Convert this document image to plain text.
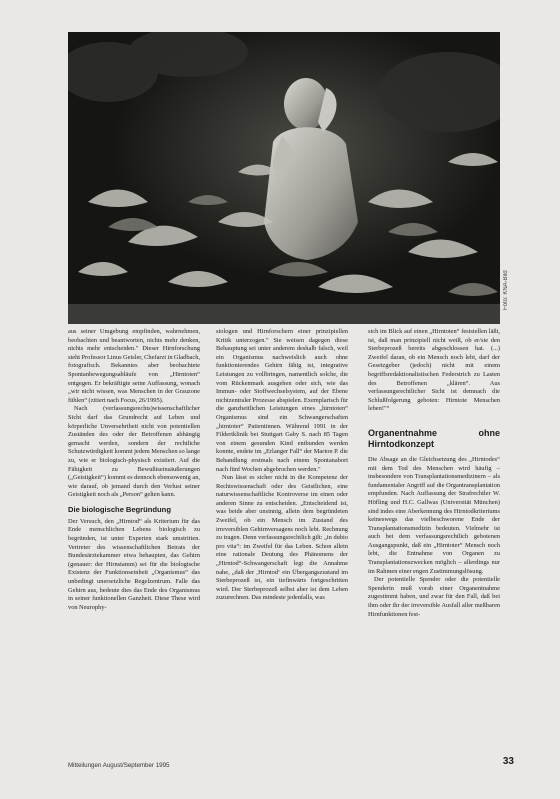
Foto: KNA-Bild

aus seiner Umgebung empfinden, wahrnehmen, beobachten und beantworten, nichts mehr denken, nichts mehr entscheiden." Dieser Hirnforschung steht Professor Linus Geisler, Chefarzt in Gladbach, fotografisch. Bekanntes aber beobachtete Spontanbewegungsabläufe von „Hirntoten“ entgegen. Er bekräftigte seine Auffassung, wonach „wir nicht wissen, was Menschen in der Grauzone fühlen“ (zitiert nach Focus, 26/1995).

Nach (verfassungsrechts)wissenschaftlicher Sicht darf das Grundrecht auf Leben und körperliche Unversehrtheit nicht von potentiellen Zuständen des oder der Betroffenen abhängig gemacht werden, sondern der rechtliche Schutzwürdigkeit kommt jedem Menschen so lange zu, wie er biologisch-physisch existiert. Auf die Fähigkeit zu Bewußtseinsäußerungen („Geistigkeit“) kommt es dennoch ebensowenig an, wie darauf, ob jemand durch den Verlust seiner Geistigkeit noch als „Person“ gelten kann.

Die biologische Begründung

Der Versuch, den „Hirntod“ als Kriterium für das Ende menschlichen Lebens biologisch zu begründen, ist unter Experten stark umstritten. Vertreter des wissenschaftlichen Beirats der Bundesärztekammer etwa behaupten, das Gehirn (genauer: der Hirnstamm) sei für die biologische Existenz der Funktionseinheit „Organismus“ das unbedingt unersetzliche Regelzentrum. Falle das Gehirn aus, bedeute dies das Ende des Organismus in seiner funktionellen Ganzheit. Diese These wird von Neurophy-

siologen und Hirnforschern einer prinzipiellen Kritik unterzogen." Sie weisen dagegen diese Behauptung sei unter anderem deshalb falsch, weil ein Organismus nachweislich auch ohne funktionierendes Gehirn fähig ist, integrative Leistungen zu vollbringen, namentlich solche, die vom Rückenmark ausgehen oder sich, wie das Immun- oder Stoffwechselsystem, auf der Ebene nichtzentraler Prozesse abspielen. Exemplarisch für die ganzheitlichen Leistungen eines „hirntoten“ Organismus sind ein Schwangerschaften „hirntoter“ Patientinnen. Während 1991 in der Fildertklinik bei Stuttgart Gaby S. nach 85 Tagen von einem gesunden Kind entbunden werden konnte, endete im „Erlanger Fall“ der Marion P. die Behandlung erstmals nach einem Spontanabort nach fünf Wochen abgebrochen werden."

Nun lässt es sicher nicht in die Kompetenz der Rechtswissenschaft oder des Geistlichen, eine naturwissenschaftliche Kontroverse im einen oder anderen Sinne zu entscheiden. „Entscheidend ist, was beide aber unsinnig, allein dem begründeten Zweifel, ob ein Mensch im Zustand des irreversiblen Gehirnversagens noch lebt. Rechnung zu tragen. Denn verfassungsrechtlich gilt: „in dubio pro vita“: im Zweifel für das Leben. Schon allein eine rationale Deutung des Phänomens der „Hirntod“-Schwangerschaft legt die Annahme nahe, „daß der ‚Hirntod‘ ein Übergangszustand im Sterbeprozeß ist, ein tiefinwärts fortgeschritten wird. Der Sterbeprozeß selbst aber ist dem Leben zuzurechnen. Das mindeste jedenfalls, was

sich im Blick auf einen „Hirntoten“ feststellen läßt, ist, daß man prinzipiell nicht weiß, ob er/sie den Sterbeprozeß bereits abgeschlossen hat. (...) Zweifel daran, ob ein Mensch noch lebt, darf der Gesetzgeber (jedoch) nicht mit einem begriffsredaktionalistischen Federstrich zu Lasten des Betroffenen „klären“. Aus verfassungsrechtlicher Sicht ist demnach die Schlußfolgerung geboten: Hirntote Menschen leben!"“

Organentnahme ohne Hirntodkonzept

Die Absage an die Gleichsetzung des „Hirntodes“ mit dem Tod des Menschen wird häufig – insbesondere von Transplantationsmedizinern – als fundamentaler Angriff auf die Organtransplantation empfunden. Nach Auffassung der Strafrechtler W. Höfling und H.C. Gallwas (Universität München) sind indes eine Aberkennung des Hirntodkriteriums keineswegs das vielbeschworene Ende der Transplantationsmedizin bedeuten. Vielmehr ist auch bei dem verfassungsrechtlich gebotenen Ausgangspunkt, daß ein „Hirntoter“ Mensch noch lebt, die Entnahme von Organen zu Transplantationszwecken möglich – allerdings nur im Rahmen einer engen Zustimmungslösung.

Der potentielle Spender oder die potentielle Spenderin muß vorab einer Organentnahme zugestimmt haben, und zwar für den Fall, daß bei ihm oder ihr der irreversible Ausfall aller meßbaren Hirnfunktionen fest-

Mitteilungen August/September 1995	33
